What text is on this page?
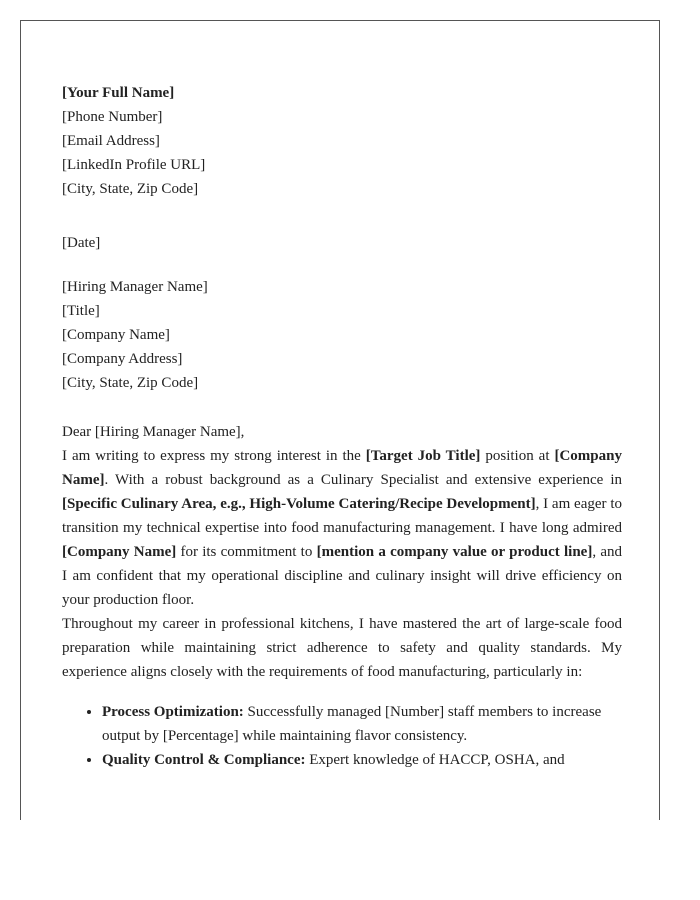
[Your Full Name]
[Phone Number]
[Email Address]
[LinkedIn Profile URL]
[City, State, Zip Code]
[Date]
[Hiring Manager Name]
[Title]
[Company Name]
[Company Address]
[City, State, Zip Code]
Dear [Hiring Manager Name],

I am writing to express my strong interest in the [Target Job Title] position at [Company Name]. With a robust background as a Culinary Specialist and extensive experience in [Specific Culinary Area, e.g., High-Volume Catering/Recipe Development], I am eager to transition my technical expertise into food manufacturing management. I have long admired [Company Name] for its commitment to [mention a company value or product line], and I am confident that my operational discipline and culinary insight will drive efficiency on your production floor.

Throughout my career in professional kitchens, I have mastered the art of large-scale food preparation while maintaining strict adherence to safety and quality standards. My experience aligns closely with the requirements of food manufacturing, particularly in:

• Process Optimization: Successfully managed [Number] staff members to increase output by [Percentage] while maintaining flavor consistency.
• Quality Control & Compliance: Expert knowledge of HACCP, OSHA, and
